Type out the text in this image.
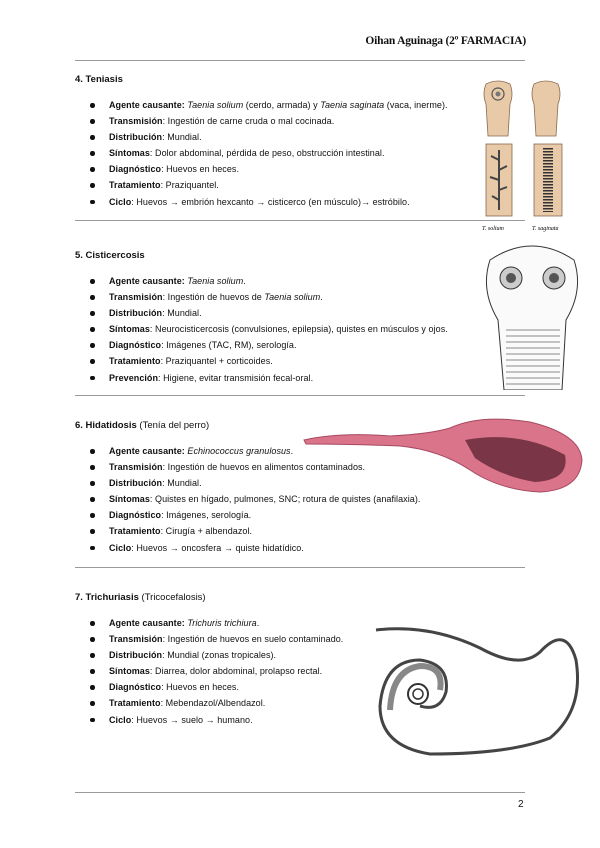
Oihan Aguinaga (2º FARMACIA)
4. Teniasis
Agente causante: Taenia solium (cerdo, armada) y Taenia saginata (vaca, inerme).
Transmisión: Ingestión de carne cruda o mal cocinada.
Distribución: Mundial.
Síntomas: Dolor abdominal, pérdida de peso, obstrucción intestinal.
Diagnóstico: Huevos en heces.
Tratamiento: Praziquantel.
Ciclo: Huevos → embrión hexcanto → cisticerco (en músculo)→ estróbilo.
5. Cisticercosis
Agente causante: Taenia solium.
Transmisión: Ingestión de huevos de Taenia solium.
Distribución: Mundial.
Síntomas: Neurocisticercosis (convulsiones, epilepsia), quistes en músculos y ojos.
Diagnóstico: Imágenes (TAC, RM), serología.
Tratamiento: Praziquantel + corticoides.
Prevención: Higiene, evitar transmisión fecal-oral.
6. Hidatidosis (Tenía del perro)
Agente causante: Echinococcus granulosus.
Transmisión: Ingestión de huevos en alimentos contaminados.
Distribución: Mundial.
Síntomas: Quistes en hígado, pulmones, SNC; rotura de quistes (anafilaxia).
Diagnóstico: Imágenes, serología.
Tratamiento: Cirugía + albendazol.
Ciclo: Huevos → oncosfera → quiste hidatídico.
7. Trichuriasis (Tricocefalosis)
Agente causante: Trichuris trichiura.
Transmisión: Ingestión de huevos en suelo contaminado.
Distribución: Mundial (zonas tropicales).
Síntomas: Diarrea, dolor abdominal, prolapso rectal.
Diagnóstico: Huevos en heces.
Tratamiento: Mebendazol/Albendazol.
Ciclo: Huevos → suelo → humano.
T. solium	T. saginata
2
